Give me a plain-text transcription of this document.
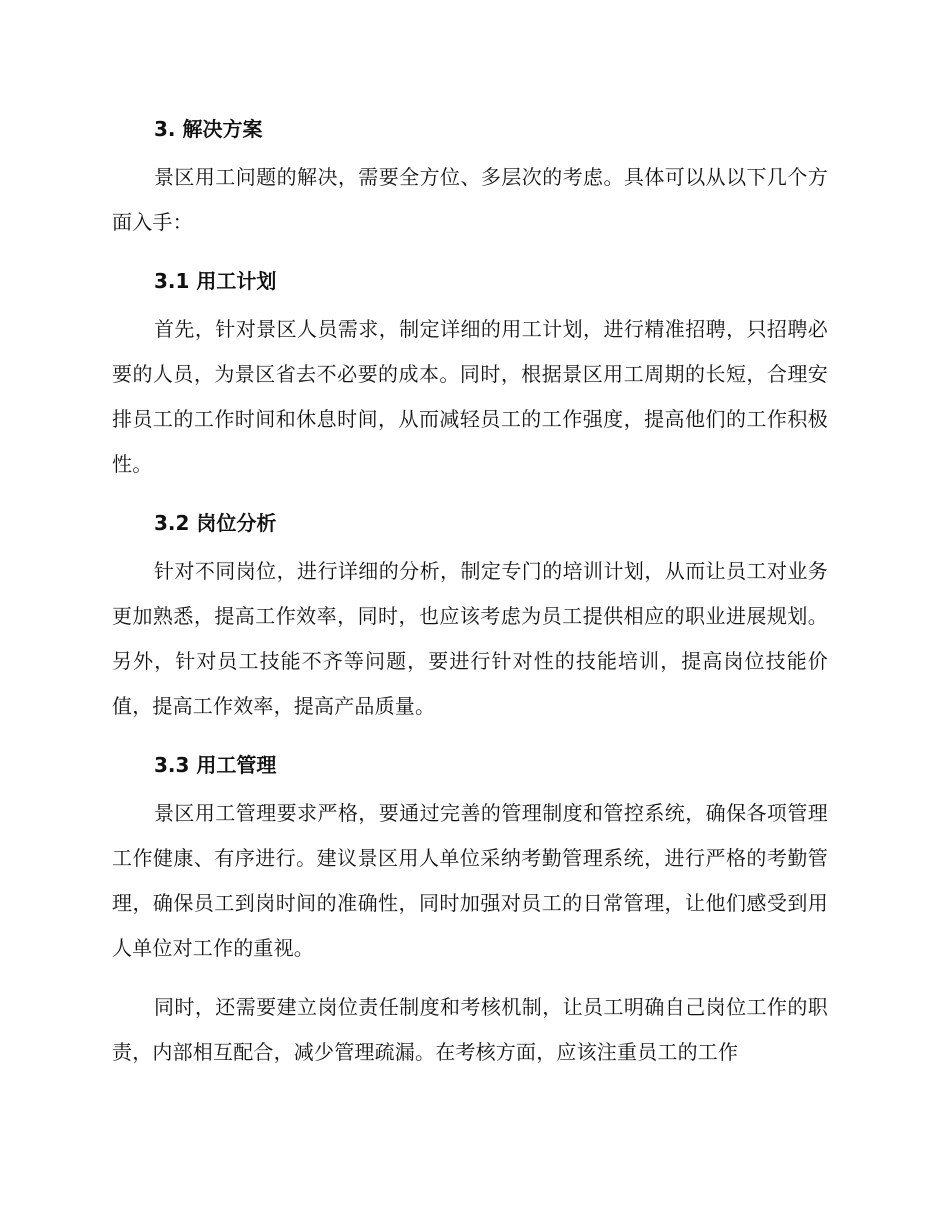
3. 解决方案

景区用工问题的解决，需要全方位、多层次的考虑。具体可以从以下几个方面入手：

3.1 用工计划

首先，针对景区人员需求，制定详细的用工计划，进行精准招聘，只招聘必要的人员，为景区省去不必要的成本。同时，根据景区用工周期的长短，合理安排员工的工作时间和休息时间，从而减轻员工的工作强度，提高他们的工作积极性。

3.2 岗位分析

针对不同岗位，进行详细的分析，制定专门的培训计划，从而让员工对业务更加熟悉，提高工作效率，同时，也应该考虑为员工提供相应的职业进展规划。另外，针对员工技能不齐等问题，要进行针对性的技能培训，提高岗位技能价值，提高工作效率，提高产品质量。

3.3 用工管理

景区用工管理要求严格，要通过完善的管理制度和管控系统，确保各项管理工作健康、有序进行。建议景区用人单位采纳考勤管理系统，进行严格的考勤管理，确保员工到岗时间的准确性，同时加强对员工的日常管理，让他们感受到用人单位对工作的重视。

同时，还需要建立岗位责任制度和考核机制，让员工明确自己岗位工作的职责，内部相互配合，减少管理疏漏。在考核方面，应该注重员工的工作
